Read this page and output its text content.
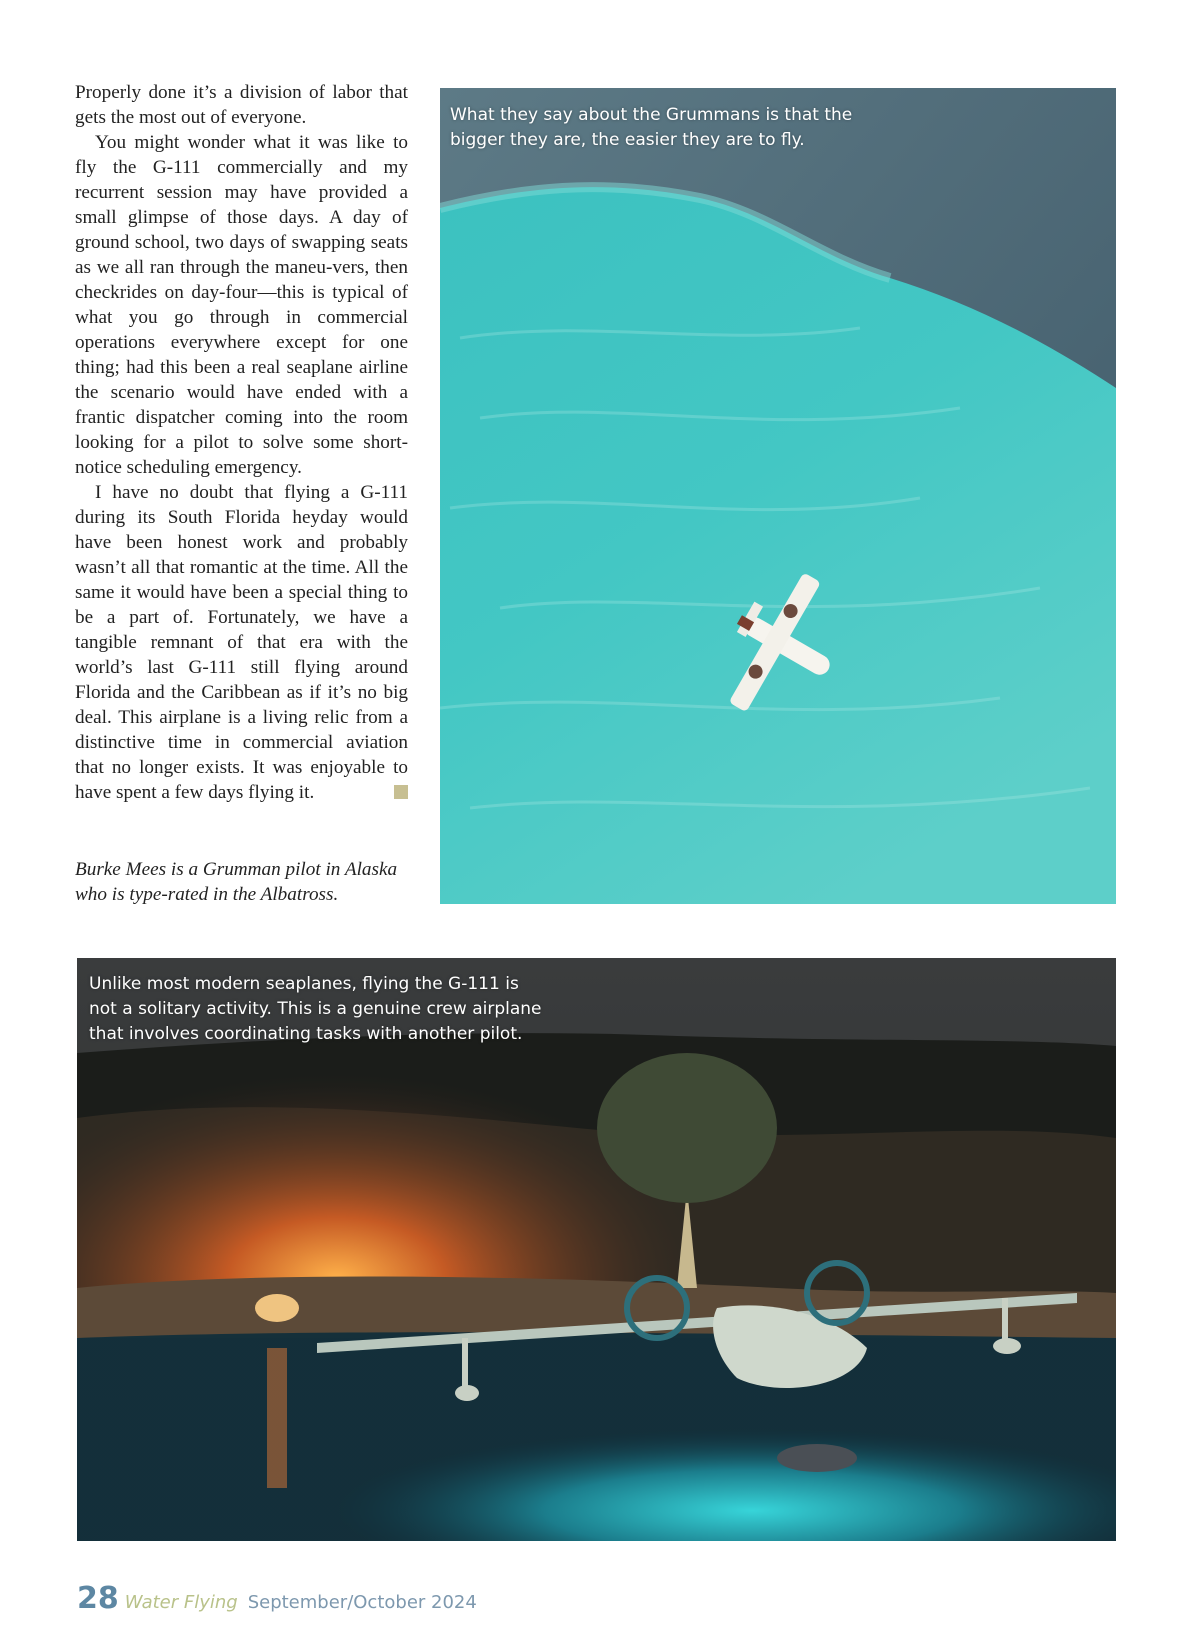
Properly done it’s a division of labor that gets the most out of everyone.

You might wonder what it was like to fly the G-111 commercially and my recurrent session may have provided a small glimpse of those days. A day of ground school, two days of swapping seats as we all ran through the maneu-vers, then checkrides on day-four—this is typical of what you go through in commercial operations everywhere except for one thing; had this been a real seaplane airline the scenario would have ended with a frantic dispatcher coming into the room looking for a pilot to solve some short-notice scheduling emergency.

I have no doubt that flying a G-111 during its South Florida heyday would have been honest work and probably wasn’t all that romantic at the time. All the same it would have been a special thing to be a part of. Fortunately, we have a tangible remnant of that era with the world’s last G-111 still flying around Florida and the Caribbean as if it’s no big deal. This airplane is a living relic from a distinctive time in commercial aviation that no longer exists. It was enjoyable to have spent a few days flying it.

Burke Mees is a Grumman pilot in Alaska who is type-rated in the Albatross.
What they say about the Grummans is that the bigger they are, the easier they are to fly.
Unlike most modern seaplanes, flying the G-111 is not a solitary activity. This is a genuine crew airplane that involves coordinating tasks with another pilot.
28 Water Flying September/October 2024
